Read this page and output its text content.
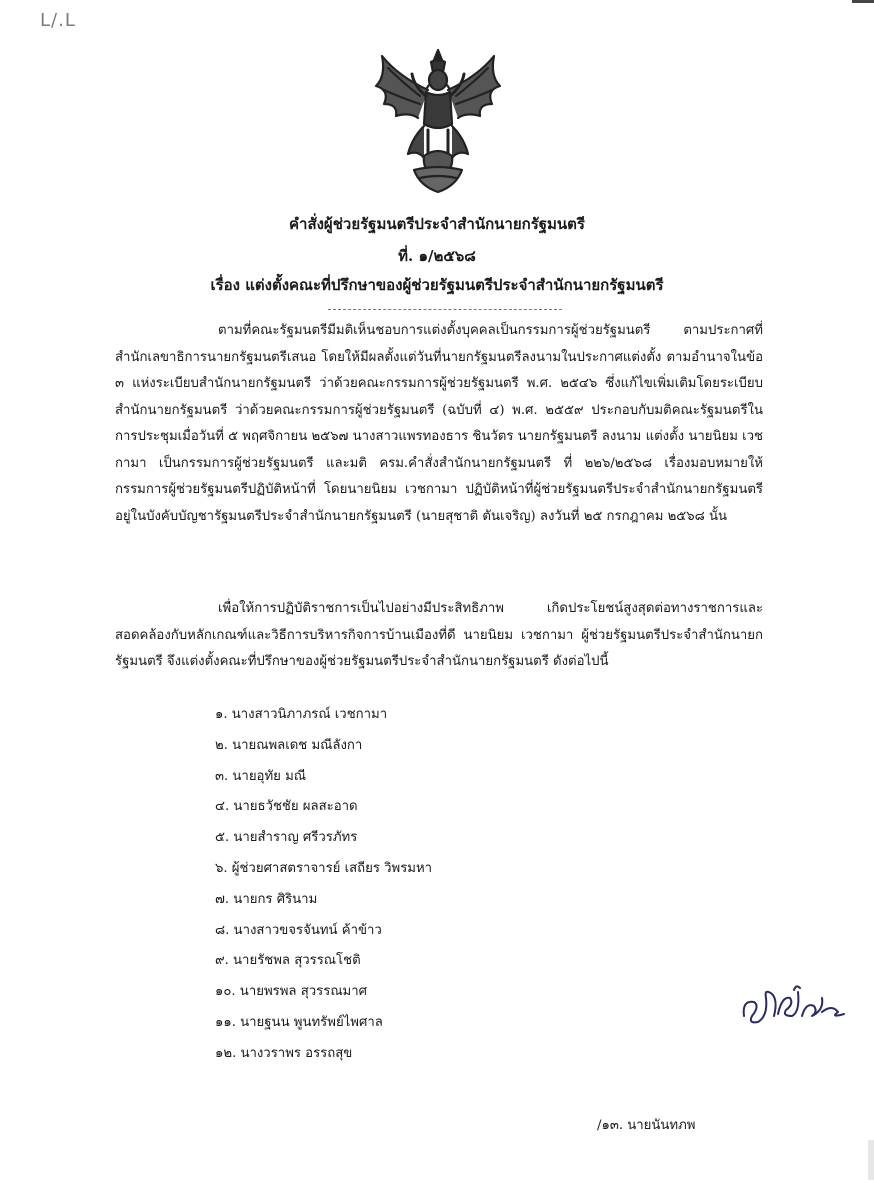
L/.L
คำสั่งผู้ช่วยรัฐมนตรีประจำสำนักนายกรัฐมนตรี
ที่. ๑/๒๕๖๘
เรื่อง แต่งตั้งคณะที่ปรึกษาของผู้ช่วยรัฐมนตรีประจำสำนักนายกรัฐมนตรี

ตามที่คณะรัฐมนตรีมีมติเห็นชอบการแต่งตั้งบุคคลเป็นกรรมการผู้ช่วยรัฐมนตรี ตามประกาศที่สำนักเลขาธิการนายกรัฐมนตรีเสนอ โดยให้มีผลตั้งแต่วันที่นายกรัฐมนตรีลงนามในประกาศแต่งตั้ง ตามอำนาจในข้อ ๓ แห่งระเบียบสำนักนายกรัฐมนตรี ว่าด้วยคณะกรรมการผู้ช่วยรัฐมนตรี พ.ศ. ๒๕๔๖ ซึ่งแก้ไขเพิ่มเติมโดยระเบียบสำนักนายกรัฐมนตรี ว่าด้วยคณะกรรมการผู้ช่วยรัฐมนตรี (ฉบับที่ ๔) พ.ศ. ๒๕๕๙ ประกอบกับมติคณะรัฐมนตรีในการประชุมเมื่อวันที่ ๕ พฤศจิกายน ๒๕๖๗ นางสาวแพรทองธาร ชินวัตร นายกรัฐมนตรี ลงนาม แต่งตั้ง นายนิยม เวชกามา เป็นกรรมการผู้ช่วยรัฐมนตรี และมติ ครม.คำสั่งสำนักนายกรัฐมนตรี ที่ ๒๒๖/๒๕๖๘ เรื่องมอบหมายให้กรรมการผู้ช่วยรัฐมนตรีปฏิบัติหน้าที่ โดยนายนิยม เวชกามา ปฏิบัติหน้าที่ผู้ช่วยรัฐมนตรีประจำสำนักนายกรัฐมนตรี อยู่ในบังคับบัญชารัฐมนตรีประจำสำนักนายกรัฐมนตรี (นายสุชาติ ตันเจริญ) ลงวันที่ ๒๕ กรกฎาคม ๒๕๖๘ นั้น

เพื่อให้การปฏิบัติราชการเป็นไปอย่างมีประสิทธิภาพ เกิดประโยชน์สูงสุดต่อทางราชการและสอดคล้องกับหลักเกณฑ์และวิธีการบริหารกิจการบ้านเมืองที่ดี นายนิยม เวชกามา ผู้ช่วยรัฐมนตรีประจำสำนักนายกรัฐมนตรี จึงแต่งตั้งคณะที่ปรึกษาของผู้ช่วยรัฐมนตรีประจำสำนักนายกรัฐมนตรี ดังต่อไปนี้

๑. นางสาวนิภาภรณ์ เวชกามา
๒. นายณพลเดช มณีลังกา
๓. นายอุทัย มณี
๔. นายธวัชชัย ผลสะอาด
๕. นายสำราญ ศรีวรภัทร
๖. ผู้ช่วยศาสตราจารย์ เสถียร วิพรมหา
๗. นายกร ศิรินาม
๘. นางสาวขจรจันทน์ ค้าข้าว
๙. นายรัชพล สุวรรณโชติ
๑๐. นายพรพล สุวรรณมาศ
๑๑. นายฐนน พูนทรัพย์ไพศาล
๑๒. นางวราพร อรรถสุข
/๑๓. นายนันทภพ
